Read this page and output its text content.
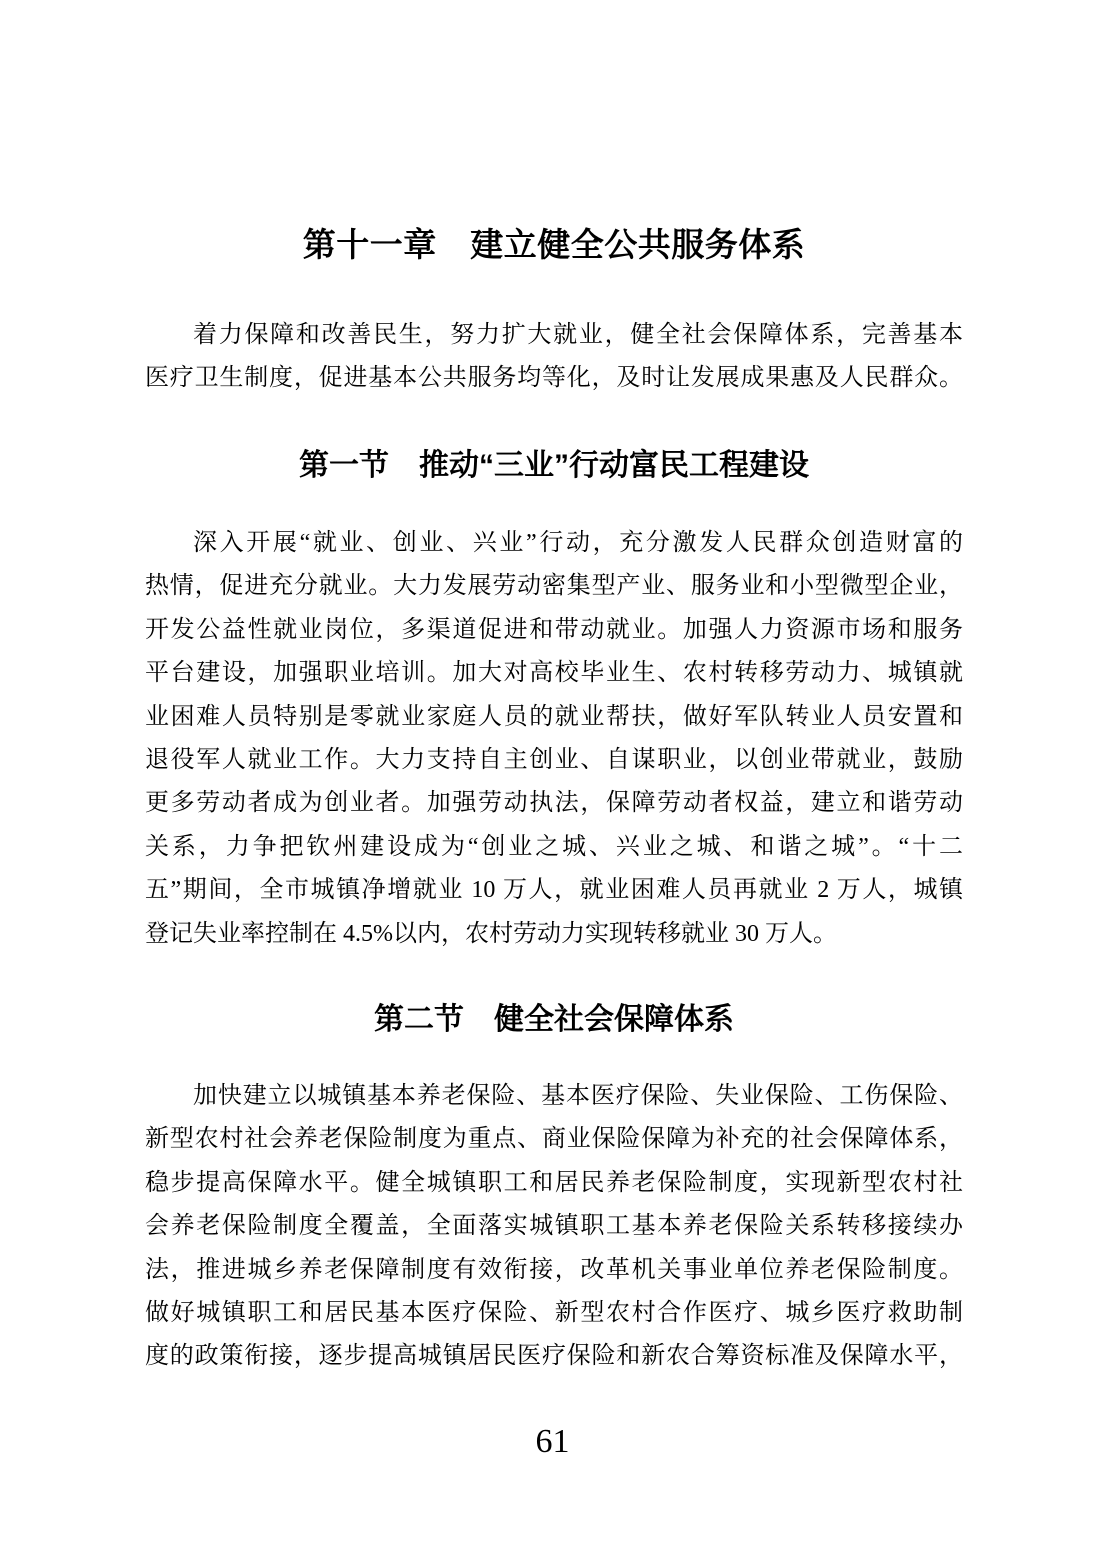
第十一章　建立健全公共服务体系
着力保障和改善民生，努力扩大就业，健全社会保障体系，完善基本
医疗卫生制度，促进基本公共服务均等化，及时让发展成果惠及人民群众。
第一节　推动“三业”行动富民工程建设
深入开展“就业、创业、兴业”行动，充分激发人民群众创造财富的
热情，促进充分就业。大力发展劳动密集型产业、服务业和小型微型企业，
开发公益性就业岗位，多渠道促进和带动就业。加强人力资源市场和服务
平台建设，加强职业培训。加大对高校毕业生、农村转移劳动力、城镇就
业困难人员特别是零就业家庭人员的就业帮扶，做好军队转业人员安置和
退役军人就业工作。大力支持自主创业、自谋职业，以创业带就业，鼓励
更多劳动者成为创业者。加强劳动执法，保障劳动者权益，建立和谐劳动
关系，力争把钦州建设成为“创业之城、兴业之城、和谐之城”。“十二
五”期间，全市城镇净增就业 10 万人，就业困难人员再就业 2 万人，城镇
登记失业率控制在 4.5%以内，农村劳动力实现转移就业 30 万人。
第二节　健全社会保障体系
加快建立以城镇基本养老保险、基本医疗保险、失业保险、工伤保险、
新型农村社会养老保险制度为重点、商业保险保障为补充的社会保障体系，
稳步提高保障水平。健全城镇职工和居民养老保险制度，实现新型农村社
会养老保险制度全覆盖，全面落实城镇职工基本养老保险关系转移接续办
法，推进城乡养老保障制度有效衔接，改革机关事业单位养老保险制度。
做好城镇职工和居民基本医疗保险、新型农村合作医疗、城乡医疗救助制
度的政策衔接，逐步提高城镇居民医疗保险和新农合筹资标准及保障水平，
61
